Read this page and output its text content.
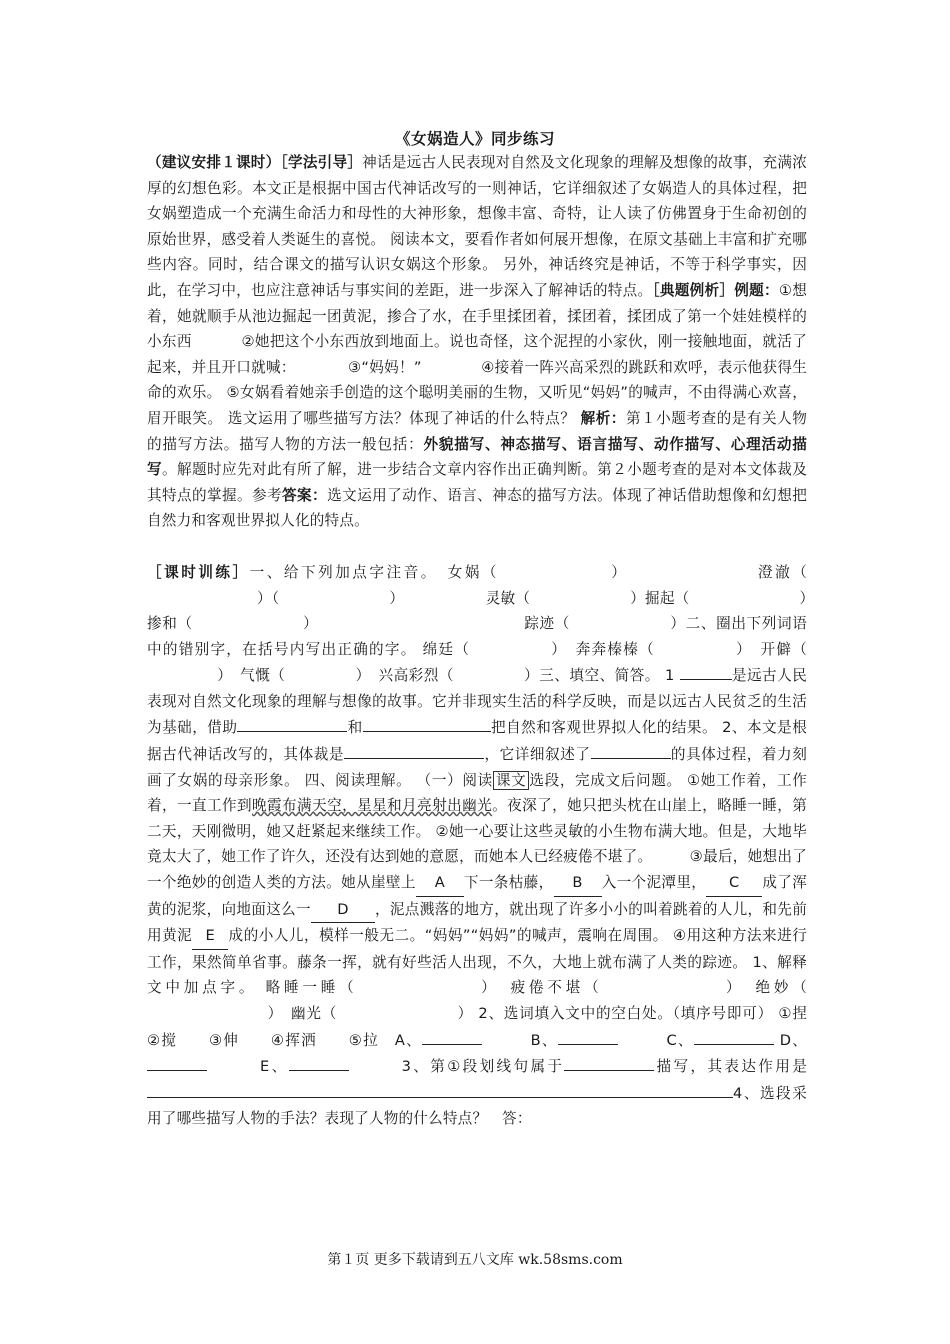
《女娲造人》同步练习

（建议安排１课时）［学法引导］神话是远古人民表现对自然及文化现象的理解及想像的故事，充满浓厚的幻想色彩。本文正是根据中国古代神话改写的一则神话，它详细叙述了女娲造人的具体过程，把女娲塑造成一个充满生命活力和母性的大神形象，想像丰富、奇特，让人读了仿佛置身于生命初创的原始世界，感受着人类诞生的喜悦。 阅读本文，要看作者如何展开想像，在原文基础上丰富和扩充哪些内容。同时，结合课文的描写认识女娲这个形象。 另外，神话终究是神话，不等于科学事实，因此，在学习中，也应注意神话与事实间的差距，进一步深入了解神话的特点。［典题例析］例题：①想着，她就顺手从池边掘起一团黄泥，掺合了水，在手里揉团着，揉团着，揉团成了第一个娃娃模样的小东西 　　　②她把这个小东西放到地面上。说也奇怪，这个泥捏的小家伙，刚一接触地面，就活了起来，并且开口就喊：　　　　③“妈妈！”　　　　④接着一阵兴高采烈的跳跃和欢呼，表示他获得生命的欢乐。 ⑤女娲看着她亲手创造的这个聪明美丽的生物，又听见“妈妈”的喊声，不由得满心欢喜，眉开眼笑。 选文运用了哪些描写方法？体现了神话的什么特点？ 解析：第１小题考查的是有关人物的描写方法。描写人物的方法一般包括：外貌描写、神态描写、语言描写、动作描写、心理活动描写。解题时应先对此有所了解，进一步结合文章内容作出正确判断。第２小题考查的是对本文体裁及其特点的掌握。参考答案：选文运用了动作、语言、神态的描写方法。体现了神话借助想像和幻想把自然力和客观世界拟人化的特点。

［课时训练］一、给下列加点字注音。　 女娲（	）　　　　　　　　澄澈（）（	）　　　　　　灵敏（	）掘起（	）　　　　　　　掺和（	）　　　　　　　　　　　　　　踪迹（	）二、圈出下列词语中的错别字，在括号内写出正确的字。 绵廷（	）　奔奔榛榛（	）　开僻（）　气慨（	）　兴高彩烈（	）三、填空、简答。 1	是远古人民表现对自然文化现象的理解与想像的故事。它并非现实生活的科学反映，而是以远古人民贫乏的生活为基础，借助	和	把自然和客观世界拟人化的结果。 2、本文是根据古代神话改写的，其体裁是	，它详细叙述了	的具体过程，着力刻画了女娲的母亲形象。 四、阅读理解。 （一）阅读 课文 选段，完成文后问题。 ①她工作着，工作着，一直工作到晚霞布满天空，星星和月亮射出幽光。夜深了，她只把头枕在山崖上，略睡一睡，第二天，天刚微明，她又赶紧起来继续工作。 ②她一心要让这些灵敏的小生物布满大地。但是，大地毕竟太大了，她工作了许久，还没有达到她的意愿，而她本人已经疲倦不堪了。　　　	③最后，她想出了一个绝妙的创造人类的方法。她从崖壁上 A 下一条枯藤， B 入一个泥潭里， C 成了浑黄的泥浆，向地面这么一 D ，泥点溅落的地方，就出现了许多小小的叫着跳着的人儿，和先前用黄泥 E 成的小人儿，模样一般无二。“妈妈”“妈妈”的喊声，震响在周围。 ④用这种方法来进行工作，果然简单省事。藤条一挥，就有好些活人出现，不久，大地上就布满了人类的踪迹。 1、解释文中加点字。 略睡一睡（	）　疲倦不堪（	）　绝妙（）　幽光（	） 2、选词填入文中的空白处。（填序号即可） ①捏　　②搅　　 ③伸　　 ④挥洒　　 ⑤拉　 A、　　　	B、　　　	C、	D、　　　E、　　　	3、第①段划线句属于	描写，其表达作用是4、选段采用了哪些描写人物的手法？表现了人物的什么特点？　答：

第１页 更多下载请到五八文库 wk.58sms.com
